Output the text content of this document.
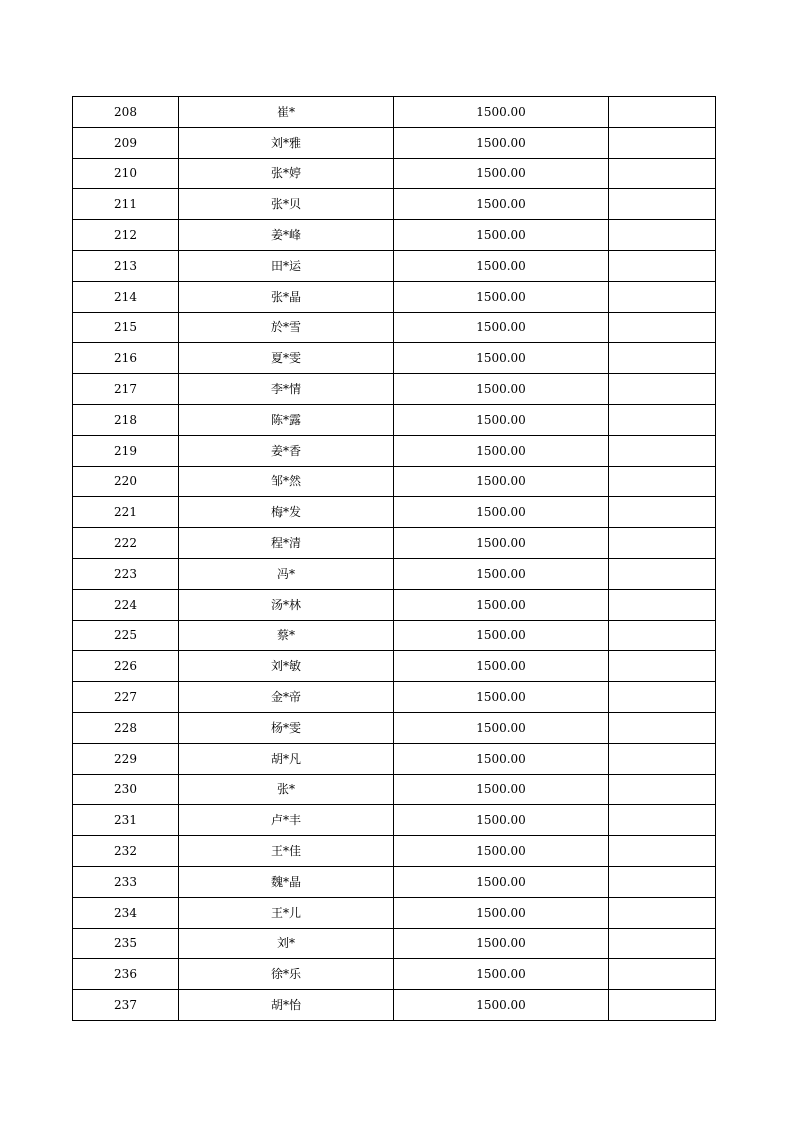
208	崔*	1500.00	
209	刘*雅	1500.00	
210	张*婷	1500.00	
211	张*贝	1500.00	
212	姜*峰	1500.00	
213	田*运	1500.00	
214	张*晶	1500.00	
215	於*雪	1500.00	
216	夏*雯	1500.00	
217	李*情	1500.00	
218	陈*露	1500.00	
219	姜*香	1500.00	
220	邹*然	1500.00	
221	梅*发	1500.00	
222	程*清	1500.00	
223	冯*	1500.00	
224	汤*林	1500.00	
225	蔡*	1500.00	
226	刘*敏	1500.00	
227	金*帝	1500.00	
228	杨*雯	1500.00	
229	胡*凡	1500.00	
230	张*	1500.00	
231	卢*丰	1500.00	
232	王*佳	1500.00	
233	魏*晶	1500.00	
234	王*儿	1500.00	
235	刘*	1500.00	
236	徐*乐	1500.00	
237	胡*怡	1500.00	
